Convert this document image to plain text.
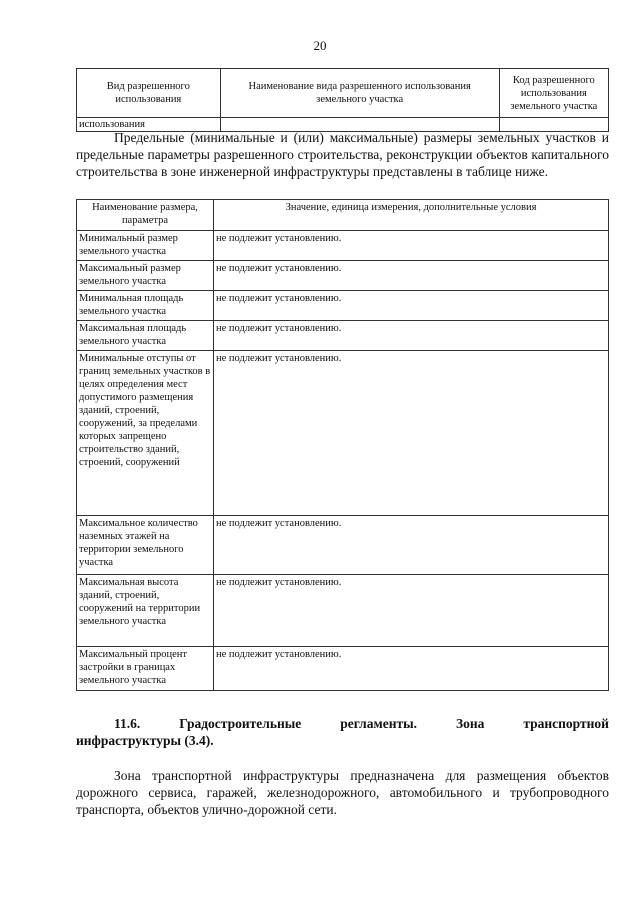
20
Вид разрешенного использования	Наименование вида разрешенного использования земельного участка	Код разрешенного использования земельного участка
использования		
Предельные (минимальные и (или) максимальные) размеры земельных участков и предельные параметры разрешенного строительства, реконструкции объектов капитального строительства в зоне инженерной инфраструктуры представлены в таблице ниже.
Наименование размера, параметра	Значение, единица измерения, дополнительные условия
Минимальный размер земельного участка	не подлежит установлению.
Максимальный размер земельного участка	не подлежит установлению.
Минимальная площадь земельного участка	не подлежит установлению.
Максимальная площадь земельного участка	не подлежит установлению.
Минимальные отступы от границ земельных участков в целях определения мест допустимого размещения зданий, строений, сооружений, за пределами которых запрещено строительство зданий, строений, сооружений	не подлежит установлению.
Максимальное количество наземных этажей на территории земельного участка	не подлежит установлению.
Максимальная высота зданий, строений, сооружений на территории земельного участка	не подлежит установлению.
Максимальный процент застройки в границах земельного участка	не подлежит установлению.
11.6.	Градостроительные	регламенты.	Зона	транспортной
инфраструктуры (3.4).
Зона транспортной инфраструктуры предназначена для размещения объектов дорожного сервиса, гаражей, железнодорожного, автомобильного и трубопроводного транспорта, объектов улично-дорожной сети.
